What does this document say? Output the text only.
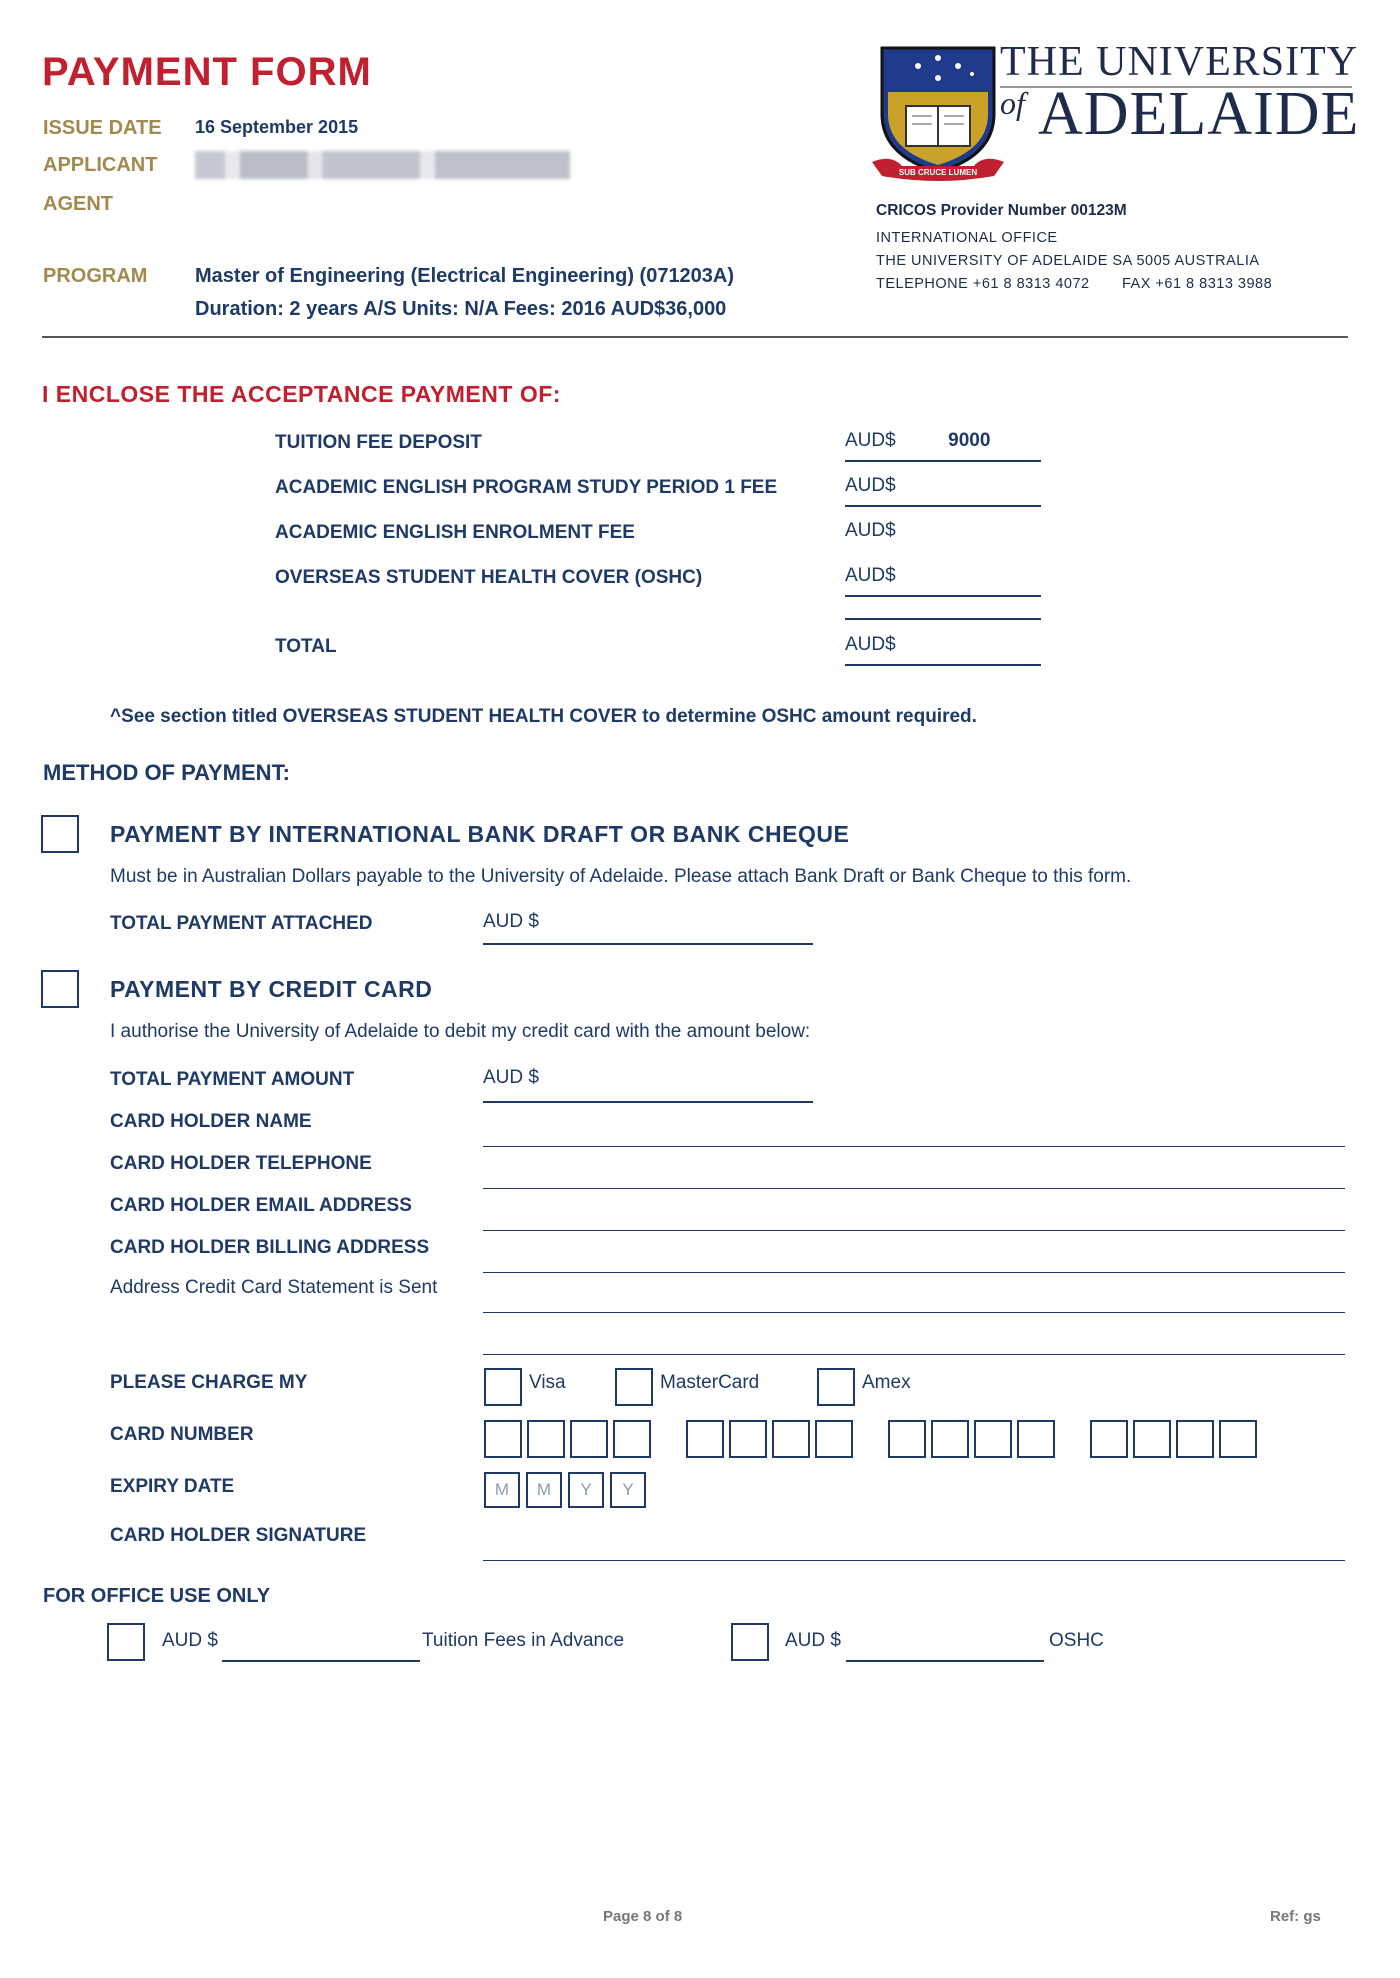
PAYMENT FORM
ISSUE DATE 16 September 2015
APPLICANT
AGENT
PROGRAM Master of Engineering (Electrical Engineering) (071203A)
Duration: 2 years A/S Units: N/A Fees: 2016 AUD$36,000
SUB CRUCE LUMEN
THE UNIVERSITY
of ADELAIDE
CRICOS Provider Number 00123M
INTERNATIONAL OFFICE
THE UNIVERSITY OF ADELAIDE SA 5005 AUSTRALIA
TELEPHONE +61 8 8313 4072 FAX +61 8 8313 3988
I ENCLOSE THE ACCEPTANCE PAYMENT OF:
TUITION FEE DEPOSIT	AUD$	9000
ACADEMIC ENGLISH PROGRAM STUDY PERIOD 1 FEE	AUD$
ACADEMIC ENGLISH ENROLMENT FEE	AUD$
OVERSEAS STUDENT HEALTH COVER (OSHC)	AUD$
TOTAL	AUD$
^See section titled OVERSEAS STUDENT HEALTH COVER to determine OSHC amount required.
METHOD OF PAYMENT:
PAYMENT BY INTERNATIONAL BANK DRAFT OR BANK CHEQUE
Must be in Australian Dollars payable to the University of Adelaide. Please attach Bank Draft or Bank Cheque to this form.
TOTAL PAYMENT ATTACHED	AUD $
PAYMENT BY CREDIT CARD
I authorise the University of Adelaide to debit my credit card with the amount below:
TOTAL PAYMENT AMOUNT	AUD $
CARD HOLDER NAME
CARD HOLDER TELEPHONE
CARD HOLDER EMAIL ADDRESS
CARD HOLDER BILLING ADDRESS
Address Credit Card Statement is Sent
PLEASE CHARGE MY	Visa	MasterCard	Amex
CARD NUMBER
EXPIRY DATE	M M Y Y
CARD HOLDER SIGNATURE
FOR OFFICE USE ONLY
AUD $	Tuition Fees in Advance	AUD $	OSHC
Page 8 of 8	Ref: gs
